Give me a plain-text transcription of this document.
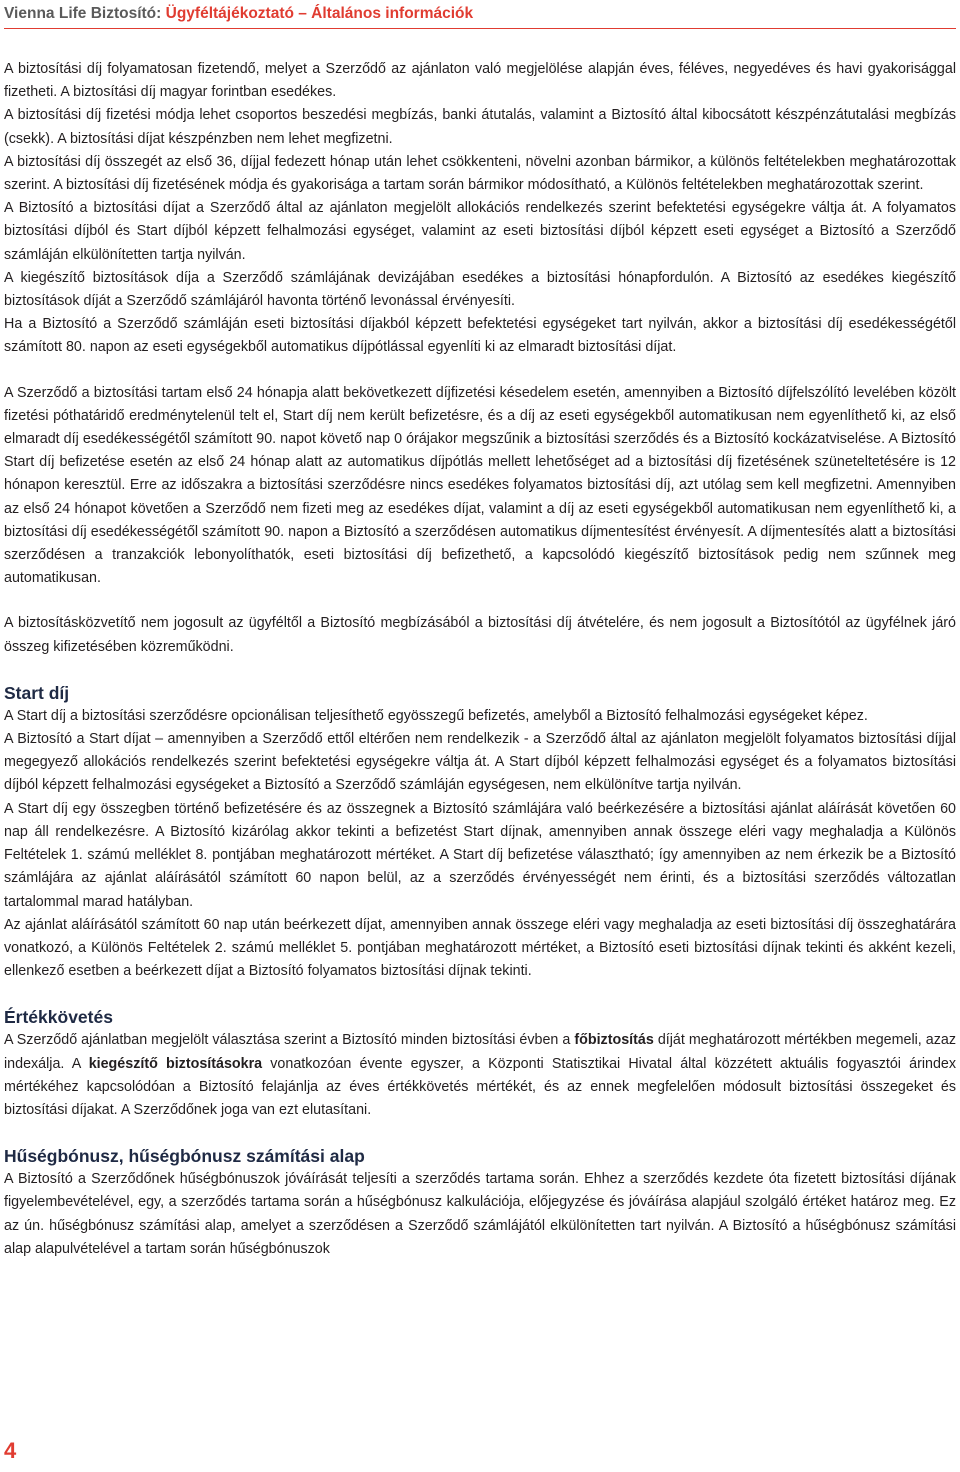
Vienna Life Biztosító: Ügyféltájékoztató – Általános információk

A biztosítási díj folyamatosan fizetendő, melyet a Szerződő az ajánlaton való megjelölése alapján éves, féléves, negyedéves és havi gyakorisággal fizetheti. A biztosítási díj magyar forintban esedékes.

A biztosítási díj fizetési módja lehet csoportos beszedési megbízás, banki átutalás, valamint a Biztosító által kibocsátott készpénzátutalási megbízás (csekk). A biztosítási díjat készpénzben nem lehet megfizetni.

A biztosítási díj összegét az első 36, díjjal fedezett hónap után lehet csökkenteni, növelni azonban bármikor, a különös feltételekben meghatározottak szerint. A biztosítási díj fizetésének módja és gyakorisága a tartam során bármikor módosítható, a Különös feltételekben meghatározottak szerint.

A Biztosító a biztosítási díjat a Szerződő által az ajánlaton megjelölt allokációs rendelkezés szerint befektetési egységekre váltja át. A folyamatos biztosítási díjból és Start díjból képzett felhalmozási egységet, valamint az eseti biztosítási díjból képzett eseti egységet a Biztosító a Szerződő számláján elkülönítetten tartja nyilván.

A kiegészítő biztosítások díja a Szerződő számlájának devizájában esedékes a biztosítási hónapfordulón. A Biztosító az esedékes kiegészítő biztosítások díját a Szerződő számlájáról havonta történő levonással érvényesíti.

Ha a Biztosító a Szerződő számláján eseti biztosítási díjakból képzett befektetési egységeket tart nyilván, akkor a biztosítási díj esedékességétől számított 80. napon az eseti egységekből automatikus díjpótlással egyenlíti ki az elmaradt biztosítási díjat.

A Szerződő a biztosítási tartam első 24 hónapja alatt bekövetkezett díjfizetési késedelem esetén, amennyiben a Biztosító díjfelszólító levelében közölt fizetési póthatáridő eredménytelenül telt el, Start díj nem került befizetésre, és a díj az eseti egységekből automatikusan nem egyenlíthető ki, az első elmaradt díj esedékességétől számított 90. napot követő nap 0 órájakor megszűnik a biztosítási szerződés és a Biztosító kockázatviselése. A Biztosító Start díj befizetése esetén az első 24 hónap alatt az automatikus díjpótlás mellett lehetőséget ad a biztosítási díj fizetésének szüneteltetésére is 12 hónapon keresztül. Erre az időszakra a biztosítási szerződésre nincs esedékes folyamatos biztosítási díj, azt utólag sem kell megfizetni. Amennyiben az első 24 hónapot követően a Szerződő nem fizeti meg az esedékes díjat, valamint a díj az eseti egységekből automatikusan nem egyenlíthető ki, a biztosítási díj esedékességétől számított 90. napon a Biztosító a szerződésen automatikus díjmentesítést érvényesít. A díjmentesítés alatt a biztosítási szerződésen a tranzakciók lebonyolíthatók, eseti biztosítási díj befizethető, a kapcsolódó kiegészítő biztosítások pedig nem szűnnek meg automatikusan.

A biztosításközvetítő nem jogosult az ügyféltől a Biztosító megbízásából a biztosítási díj átvételére, és nem jogosult a Biztosítótól az ügyfélnek járó összeg kifizetésében közreműködni.

Start díj

A Start díj a biztosítási szerződésre opcionálisan teljesíthető egyösszegű befizetés, amelyből a Biztosító felhalmozási egységeket képez.

A Biztosító a Start díjat – amennyiben a Szerződő ettől eltérően nem rendelkezik - a Szerződő által az ajánlaton megjelölt folyamatos biztosítási díjjal megegyező allokációs rendelkezés szerint befektetési egységekre váltja át. A Start díjból képzett felhalmozási egységet és a folyamatos biztosítási díjból képzett felhalmozási egységeket a Biztosító a Szerződő számláján egységesen, nem elkülönítve tartja nyilván.

A Start díj egy összegben történő befizetésére és az összegnek a Biztosító számlájára való beérkezésére a biztosítási ajánlat aláírását követően 60 nap áll rendelkezésre. A Biztosító kizárólag akkor tekinti a befizetést Start díjnak, amennyiben annak összege eléri vagy meghaladja a Különös Feltételek 1. számú melléklet 8. pontjában meghatározott mértéket. A Start díj befizetése választható; így amennyiben az nem érkezik be a Biztosító számlájára az ajánlat aláírásától számított 60 napon belül, az a szerződés érvényességét nem érinti, és a biztosítási szerződés változatlan tartalommal marad hatályban.

Az ajánlat aláírásától számított 60 nap után beérkezett díjat, amennyiben annak összege eléri vagy meghaladja az eseti biztosítási díj összeghatárára vonatkozó, a Különös Feltételek 2. számú melléklet 5. pontjában meghatározott mértéket, a Biztosító eseti biztosítási díjnak tekinti és akként kezeli, ellenkező esetben a beérkezett díjat a Biztosító folyamatos biztosítási díjnak tekinti.

Értékkövetés

A Szerződő ajánlatban megjelölt választása szerint a Biztosító minden biztosítási évben a főbiztosítás díját meghatározott mértékben megemeli, azaz indexálja. A kiegészítő biztosításokra vonatkozóan évente egyszer, a Központi Statisztikai Hivatal által közzétett aktuális fogyasztói árindex mértékéhez kapcsolódóan a Biztosító felajánlja az éves értékkövetés mértékét, és az ennek megfelelően módosult biztosítási összegeket és biztosítási díjakat. A Szerződőnek joga van ezt elutasítani.

Hűségbónusz, hűségbónusz számítási alap

A Biztosító a Szerződőnek hűségbónuszok jóváírását teljesíti a szerződés tartama során. Ehhez a szerződés kezdete óta fizetett biztosítási díjának figyelembevételével, egy, a szerződés tartama során a hűségbónusz kalkulációja, előjegyzése és jóváírása alapjául szolgáló értéket határoz meg. Ez az ún. hűségbónusz számítási alap, amelyet a szerződésen a Szerződő számlájától elkülönítetten tart nyilván. A Biztosító a hűségbónusz számítási alap alapulvételével a tartam során hűségbónuszok

4
